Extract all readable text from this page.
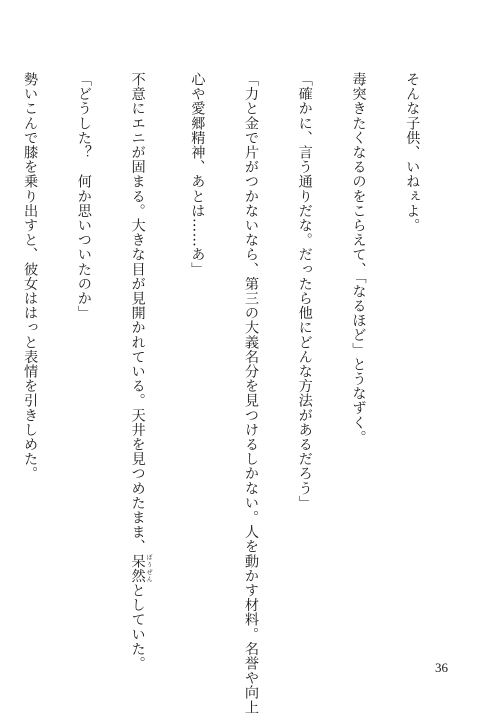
そんな子供、いねぇよ。

毒突きたくなるのをこらえて、「なるほど」とうなずく。

「確かに、言う通りだな。だったら他にどんな方法があるだろう」

「力と金で片がつかないなら、第三の大義名分を見つけるしかない。人を動かす材料。名誉や向上

心や愛郷精神、あとは……あ」

不意にエニが固まる。大きな目が見開かれている。天井を見つめたまま、呆然 ぼうぜんとしていた。

「どうした？　何か思いついたのか」

勢いこんで膝を乗り出すと、彼女ははっと表情を引きしめた。

36
